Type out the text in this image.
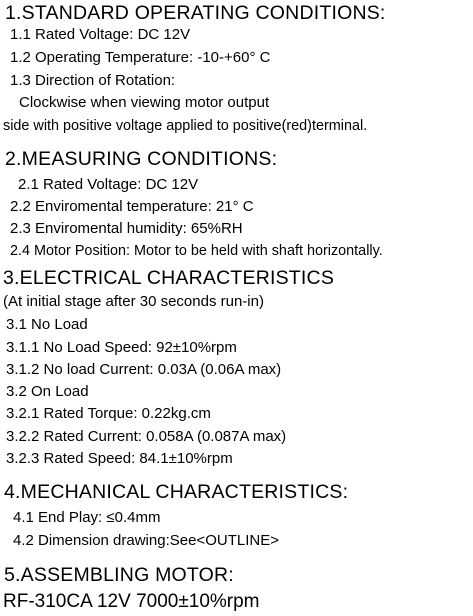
1.STANDARD OPERATING CONDITIONS:

1.1 Rated Voltage: DC 12V

1.2 Operating Temperature: -10-+60° C

1.3 Direction of Rotation:

Clockwise when viewing motor output

side with positive voltage applied to positive(red)terminal.

2.MEASURING CONDITIONS:

2.1 Rated Voltage: DC 12V

2.2 Enviromental temperature: 21° C

2.3 Enviromental humidity: 65%RH

2.4 Motor Position: Motor to be held with shaft horizontally.

3.ELECTRICAL CHARACTERISTICS

(At initial stage after 30 seconds run-in)

3.1 No Load

3.1.1 No Load Speed: 92±10%rpm

3.1.2 No load Current: 0.03A (0.06A max)

3.2 On Load

3.2.1 Rated Torque: 0.22kg.cm

3.2.2 Rated Current: 0.058A (0.087A max)

3.2.3 Rated Speed: 84.1±10%rpm

4.MECHANICAL CHARACTERISTICS:

4.1 End Play: ≤0.4mm

4.2 Dimension drawing:See<OUTLINE>

5.ASSEMBLING MOTOR:

RF-310CA 12V 7000±10%rpm
